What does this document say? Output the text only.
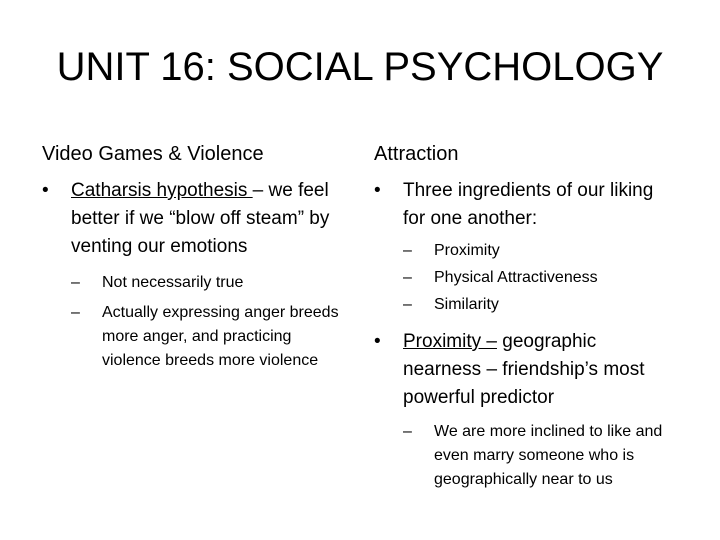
UNIT 16: SOCIAL PSYCHOLOGY
Video Games & Violence
•	Catharsis hypothesis – we feel better if we “blow off steam” by venting our emotions
–	Not necessarily true
–	Actually expressing anger breeds more anger, and practicing violence breeds more violence
Attraction
•	Three ingredients of our liking for one another:
–	Proximity
–	Physical Attractiveness
–	Similarity
•	Proximity – geographic nearness – friendship’s most powerful predictor
–	We are more inclined to like and even marry someone who is geographically near to us
